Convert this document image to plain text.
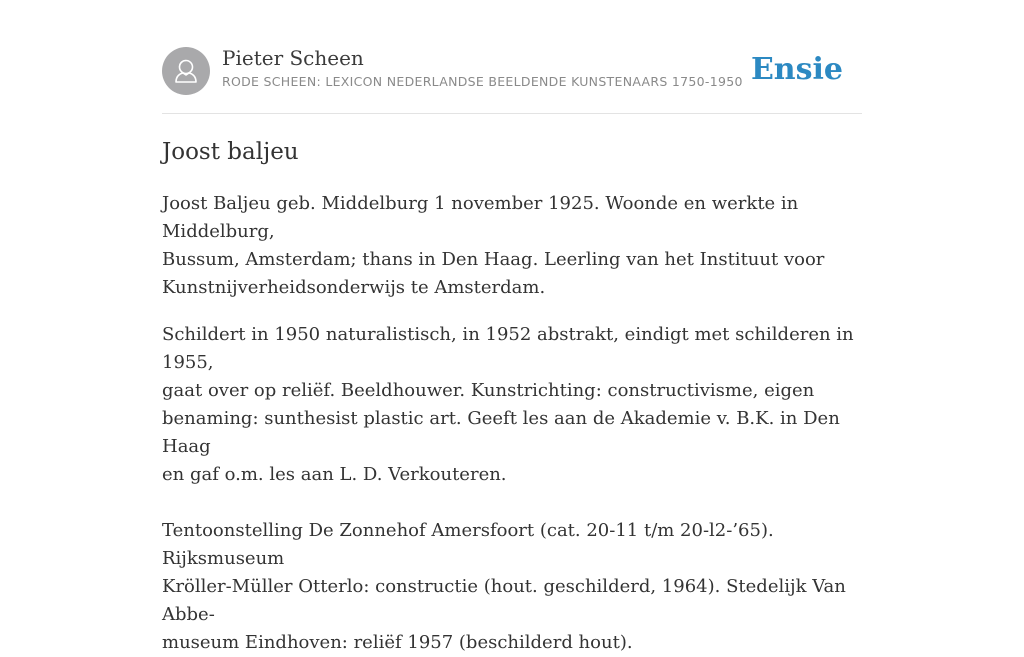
Pieter Scheen
RODE SCHEEN: LEXICON NEDERLANDSE BEELDENDE KUNSTENAARS 1750-1950 Ensie
Joost baljeu

Joost Baljeu geb. Middelburg 1 november 1925. Woonde en werkte in Middelburg,
Bussum, Amsterdam; thans in Den Haag. Leerling van het Instituut voor
Kunstnijverheidsonderwijs te Amsterdam.

Schildert in 1950 naturalistisch, in 1952 abstrakt, eindigt met schilderen in 1955,
gaat over op reliëf. Beeldhouwer. Kunstrichting: constructivisme, eigen
benaming: sunthesist plastic art. Geeft les aan de Akademie v. B.K. in Den Haag
en gaf o.m. les aan L. D. Verkouteren.

Tentoonstelling De Zonnehof Amersfoort (cat. 20-11 t/m 20-l2-’65). Rijksmuseum
Kröller-Müller Otterlo: constructie (hout. geschilderd, 1964). Stedelijk Van Abbe-
museum Eindhoven: reliëf 1957 (beschilderd hout).
